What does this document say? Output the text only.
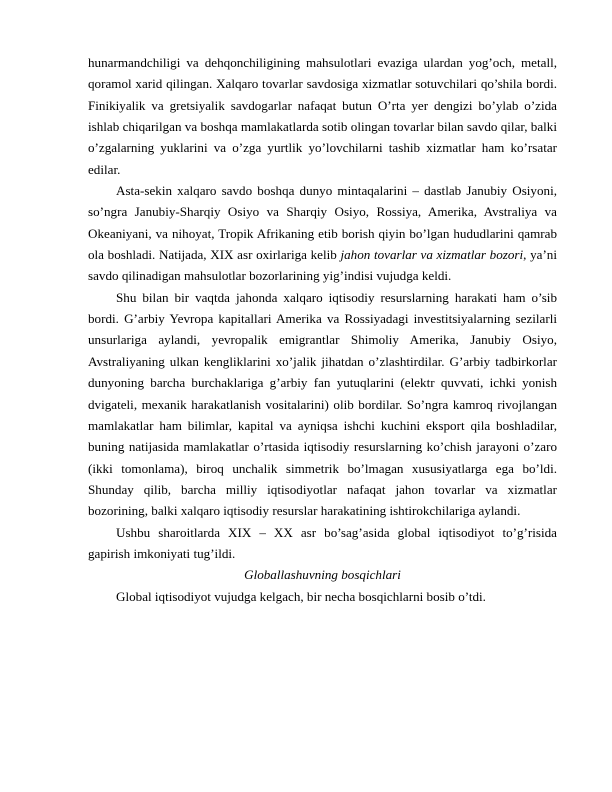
hunarmandchiligi va dehqonchiligining mahsulotlari evaziga ulardan yog’och, metall, qoramol xarid qilingan. Xalqaro tovarlar savdosiga xizmatlar sotuvchilari qo’shila bordi. Finikiyalik va gretsiyalik savdogarlar nafaqat butun O’rta yer dengizi bo’ylab o’zida ishlab chiqarilgan va boshqa mamlakatlarda sotib olingan tovarlar bilan savdo qilar, balki o’zgalarning yuklarini va o’zga yurtlik yo’lovchilarni tashib xizmatlar ham ko’rsatar edilar.

Asta-sekin xalqaro savdo boshqa dunyo mintaqalarini – dastlab Janubiy Osiyoni, so’ngra Janubiy-Sharqiy Osiyo va Sharqiy Osiyo, Rossiya, Amerika, Avstraliya va Okeaniyani, va nihoyat, Tropik Afrikaning etib borish qiyin bo’lgan hududlarini qamrab ola boshladi. Natijada, XIX asr oxirlariga kelib jahon tovarlar va xizmatlar bozori, ya’ni savdo qilinadigan mahsulotlar bozorlarining yig’indisi vujudga keldi.

Shu bilan bir vaqtda jahonda xalqaro iqtisodiy resurslarning harakati ham o’sib bordi. G’arbiy Yevropa kapitallari Amerika va Rossiyadagi investitsiyalarning sezilarli unsurlariga aylandi, yevropalik emigrantlar Shimoliy Amerika, Janubiy Osiyo, Avstraliyaning ulkan kengliklarini xo’jalik jihatdan o’zlashtirdilar. G’arbiy tadbirkorlar dunyoning barcha burchaklariga g’arbiy fan yutuqlarini (elektr quvvati, ichki yonish dvigateli, mexanik harakatlanish vositalarini) olib bordilar. So’ngra kamroq rivojlangan mamlakatlar ham bilimlar, kapital va ayniqsa ishchi kuchini eksport qila boshladilar, buning natijasida mamlakatlar o’rtasida iqtisodiy resurslarning ko’chish jarayoni o’zaro (ikki tomonlama), biroq unchalik simmetrik bo’lmagan xususiyatlarga ega bo’ldi. Shunday qilib, barcha milliy iqtisodiyotlar nafaqat jahon tovarlar va xizmatlar bozorining, balki xalqaro iqtisodiy resurslar harakatining ishtirokchilariga aylandi.

Ushbu sharoitlarda XIX – XX asr bo’sag’asida global iqtisodiyot to’g’risida gapirish imkoniyati tug’ildi.

Globallashuvning bosqichlari

Global iqtisodiyot vujudga kelgach, bir necha bosqichlarni bosib o’tdi.
